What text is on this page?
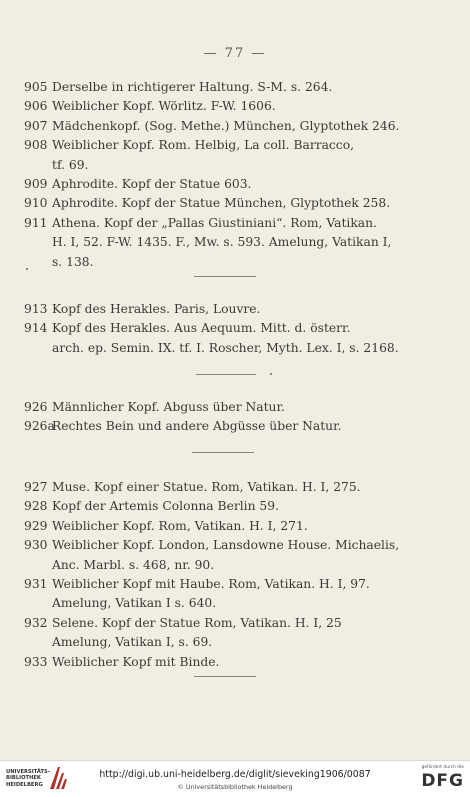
— 77 —
905 Derselbe in richtigerer Haltung. S-M. s. 264.
906 Weiblicher Kopf. Wörlitz. F-W. 1606.
907 Mädchenkopf. (Sog. Methe.) München, Glyptothek 246.
908 Weiblicher Kopf. Rom. Helbig, La coll. Barracco,
tf. 69.
909 Aphrodite. Kopf der Statue 603.
910 Aphrodite. Kopf der Statue München, Glyptothek 258.
911 Athena. Kopf der „Pallas Giustiniani“. Rom, Vatikan.
H. I, 52. F-W. 1435. F., Mw. s. 593. Amelung, Vatikan I,
s. 138.
913 Kopf des Herakles. Paris, Louvre.
914 Kopf des Herakles. Aus Aequum. Mitt. d. österr.
arch. ep. Semin. IX. tf. I. Roscher, Myth. Lex. I, s. 2168.
926 Männlicher Kopf. Abguss über Natur.
926aRechtes Bein und andere Abgüsse über Natur.
927 Muse. Kopf einer Statue. Rom, Vatikan. H. I, 275.
928 Kopf der Artemis Colonna Berlin 59.
929 Weiblicher Kopf. Rom, Vatikan. H. I, 271.
930 Weiblicher Kopf. London, Lansdowne House. Michaelis,
Anc. Marbl. s. 468, nr. 90.
931 Weiblicher Kopf mit Haube. Rom, Vatikan. H. I, 97.
Amelung, Vatikan I s. 640.
932 Selene. Kopf der Statue Rom, Vatikan. H. I, 25
Amelung, Vatikan I, s. 69.
933 Weiblicher Kopf mit Binde.
UNIVERSITÄTS-
BIBLIOTHEK
HEIDELBERG
http://digi.ub.uni-heidelberg.de/diglit/sieveking1906/0087
© Universitätsbibliothek Heidelberg
gefördert durch die
DFG
